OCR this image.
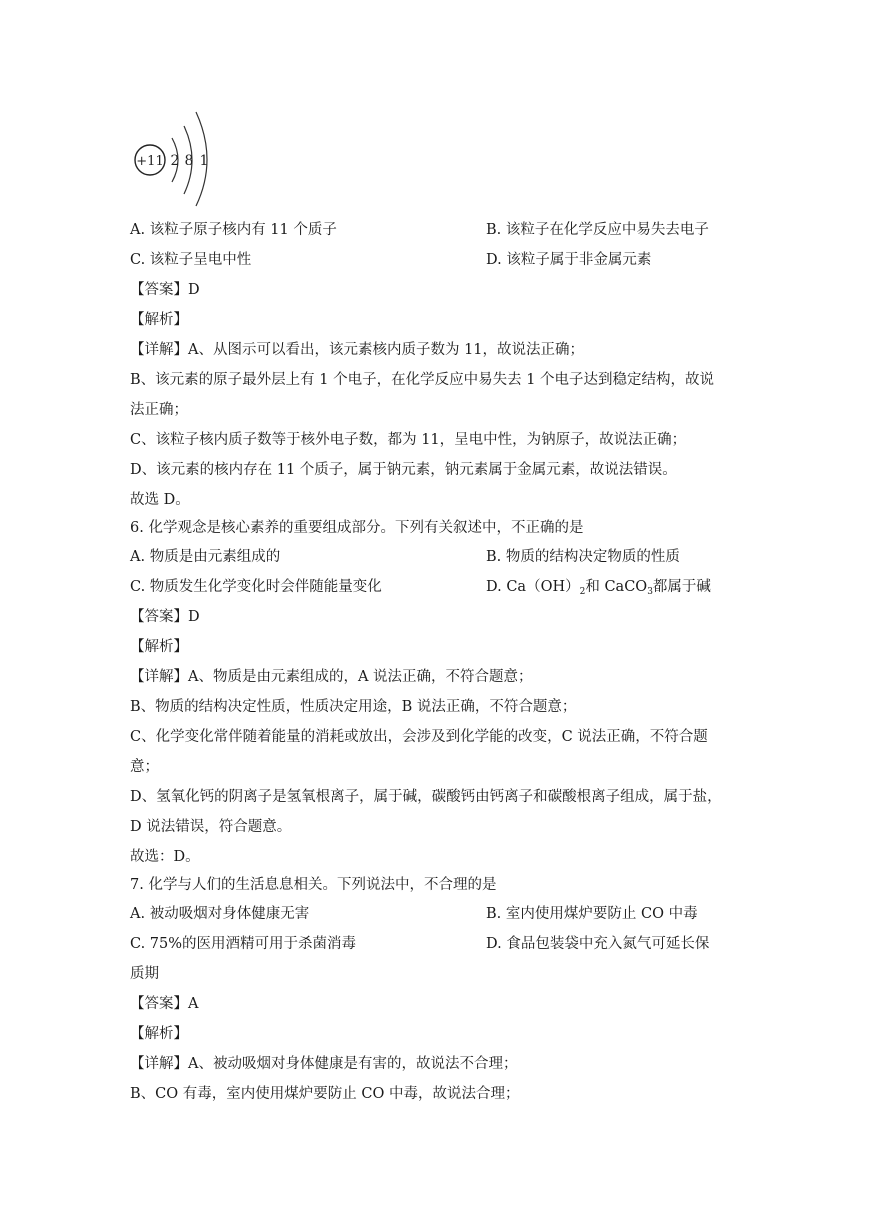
+11 2 8 1
A. 该粒子原子核内有 11 个质子	B. 该粒子在化学反应中易失去电子
C. 该粒子呈电中性	D. 该粒子属于非金属元素
【答案】D
【解析】
【详解】A、从图示可以看出，该元素核内质子数为 11，故说法正确；
B、该元素的原子最外层上有 1 个电子，在化学反应中易失去 1 个电子达到稳定结构，故说
法正确；
C、该粒子核内质子数等于核外电子数，都为 11，呈电中性，为钠原子，故说法正确；
D、该元素的核内存在 11 个质子，属于钠元素，钠元素属于金属元素，故说法错误。
故选 D。
6. 化学观念是核心素养的重要组成部分。下列有关叙述中，不正确的是
A. 物质是由元素组成的	B. 物质的结构决定物质的性质
C. 物质发生化学变化时会伴随能量变化	D. $Ca(OH)_2$和 CaCO$_3$都属于碱
【答案】D
【解析】
【详解】A、物质是由元素组成的，A 说法正确，不符合题意；
B、物质的结构决定性质，性质决定用途，B 说法正确，不符合题意；
C、化学变化常伴随着能量的消耗或放出，会涉及到化学能的改变，C 说法正确，不符合题
意；
D、氢氧化钙的阴离子是氢氧根离子，属于碱，碳酸钙由钙离子和碳酸根离子组成，属于盐，
D 说法错误，符合题意。
故选：D。
7. 化学与人们的生活息息相关。下列说法中，不合理的是
A. 被动吸烟对身体健康无害	B. 室内使用煤炉要防止 CO 中毒
C. 75%的医用酒精可用于杀菌消毒	D. 食品包装袋中充入氮气可延长保
质期
【答案】A
【解析】
【详解】A、被动吸烟对身体健康是有害的，故说法不合理；
B、CO 有毒，室内使用煤炉要防止 CO 中毒，故说法合理；
